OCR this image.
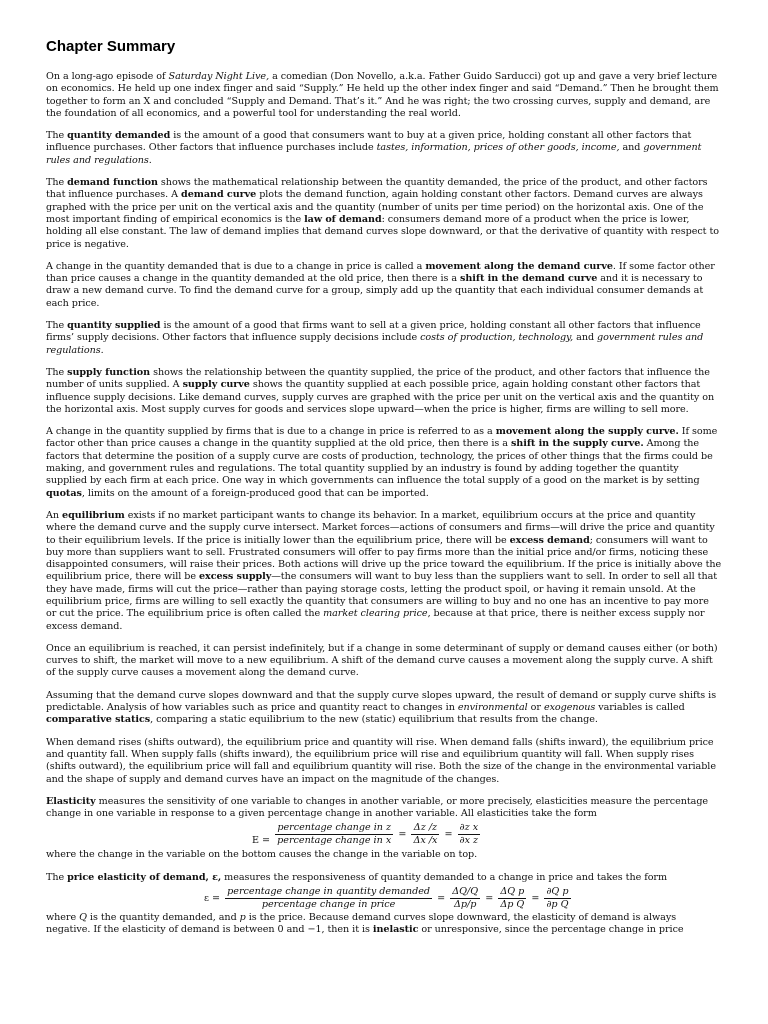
Chapter Summary

On a long-ago episode of Saturday Night Live, a comedian (Don Novello, a.k.a. Father Guido Sarducci) got up and gave a very brief lecture on economics. He held up one index finger and said “Supply.” He held up the other index finger and said “Demand.” Then he brought them together to form an X and concluded “Supply and Demand. That’s it.” And he was right; the two crossing curves, supply and demand, are the foundation of all economics, and a powerful tool for understanding the real world.

The quantity demanded is the amount of a good that consumers want to buy at a given price, holding constant all other factors that influence purchases. Other factors that influence purchases include tastes, information, prices of other goods, income, and government rules and regulations.

The demand function shows the mathematical relationship between the quantity demanded, the price of the product, and other factors that influence purchases. A demand curve plots the demand function, again holding constant other factors. Demand curves are always graphed with the price per unit on the vertical axis and the quantity (number of units per time period) on the horizontal axis. One of the most important finding of empirical economics is the law of demand: consumers demand more of a product when the price is lower, holding all else constant. The law of demand implies that demand curves slope downward, or that the derivative of quantity with respect to price is negative.

A change in the quantity demanded that is due to a change in price is called a movement along the demand curve. If some factor other than price causes a change in the quantity demanded at the old price, then there is a shift in the demand curve and it is necessary to draw a new demand curve. To find the demand curve for a group, simply add up the quantity that each individual consumer demands at each price.

The quantity supplied is the amount of a good that firms want to sell at a given price, holding constant all other factors that influence firms’ supply decisions. Other factors that influence supply decisions include costs of production, technology, and government rules and regulations.

The supply function shows the relationship between the quantity supplied, the price of the product, and other factors that influence the number of units supplied. A supply curve shows the quantity supplied at each possible price, again holding constant other factors that influence supply decisions. Like demand curves, supply curves are graphed with the price per unit on the vertical axis and the quantity on the horizontal axis. Most supply curves for goods and services slope upward—when the price is higher, firms are willing to sell more.

A change in the quantity supplied by firms that is due to a change in price is referred to as a movement along the supply curve. If some factor other than price causes a change in the quantity supplied at the old price, then there is a shift in the supply curve. Among the factors that determine the position of a supply curve are costs of production, technology, the prices of other things that the firms could be making, and government rules and regulations. The total quantity supplied by an industry is found by adding together the quantity supplied by each firm at each price. One way in which governments can influence the total supply of a good on the market is by setting quotas, limits on the amount of a foreign-produced good that can be imported.

An equilibrium exists if no market participant wants to change its behavior. In a market, equilibrium occurs at the price and quantity where the demand curve and the supply curve intersect. Market forces—actions of consumers and firms—will drive the price and quantity to their equilibrium levels. If the price is initially lower than the equilibrium price, there will be excess demand; consumers will want to buy more than suppliers want to sell. Frustrated consumers will offer to pay firms more than the initial price and/or firms, noticing these disappointed consumers, will raise their prices. Both actions will drive up the price toward the equilibrium. If the price is initially above the equilibrium price, there will be excess supply—the consumers will want to buy less than the suppliers want to sell. In order to sell all that they have made, firms will cut the price—rather than paying storage costs, letting the product spoil, or having it remain unsold. At the equilibrium price, firms are willing to sell exactly the quantity that consumers are willing to buy and no one has an incentive to pay more or cut the price. The equilibrium price is often called the market clearing price, because at that price, there is neither excess supply nor excess demand.

Once an equilibrium is reached, it can persist indefinitely, but if a change in some determinant of supply or demand causes either (or both) curves to shift, the market will move to a new equilibrium. A shift of the demand curve causes a movement along the supply curve. A shift of the supply curve causes a movement along the demand curve.

Assuming that the demand curve slopes downward and that the supply curve slopes upward, the result of demand or supply curve shifts is predictable. Analysis of how variables such as price and quantity react to changes in environmental or exogenous variables is called comparative statics, comparing a static equilibrium to the new (static) equilibrium that results from the change.

When demand rises (shifts outward), the equilibrium price and quantity will rise. When demand falls (shifts inward), the equilibrium price and quantity fall. When supply falls (shifts inward), the equilibrium price will rise and equilibrium quantity will fall. When supply rises (shifts outward), the equilibrium price will fall and equilibrium quantity will rise. Both the size of the change in the environmental variable and the shape of supply and demand curves have an impact on the magnitude of the changes.

Elasticity measures the sensitivity of one variable to changes in another variable, or more precisely, elasticities measure the percentage change in one variable in response to a given percentage change in another variable. All elasticities take the form

$E = \frac{\text{percentage change in z}}{\text{percentage change in x}} = \frac{\Delta z /z}{\Delta x /x} = \frac{\text{∂z x}}{\text{∂x z}}$

where the change in the variable on the bottom causes the change in the variable on top.

The price elasticity of demand, ε, measures the responsiveness of quantity demanded to a change in price and takes the form

$\varepsilon = \frac{\text{percentage change in quantity demanded}}{\text{percentage change in price}} = \frac{\Delta Q/Q}{\Delta p/p} = \frac{\text{ΔQ p}}{\text{Δp Q}} = \frac{\text{∂Q p}}{\text{∂p Q}}$

where Q is the quantity demanded, and p is the price. Because demand curves slope downward, the elasticity of demand is always negative. If the elasticity of demand is between 0 and −1, then it is inelastic or unresponsive, since the percentage change in price
